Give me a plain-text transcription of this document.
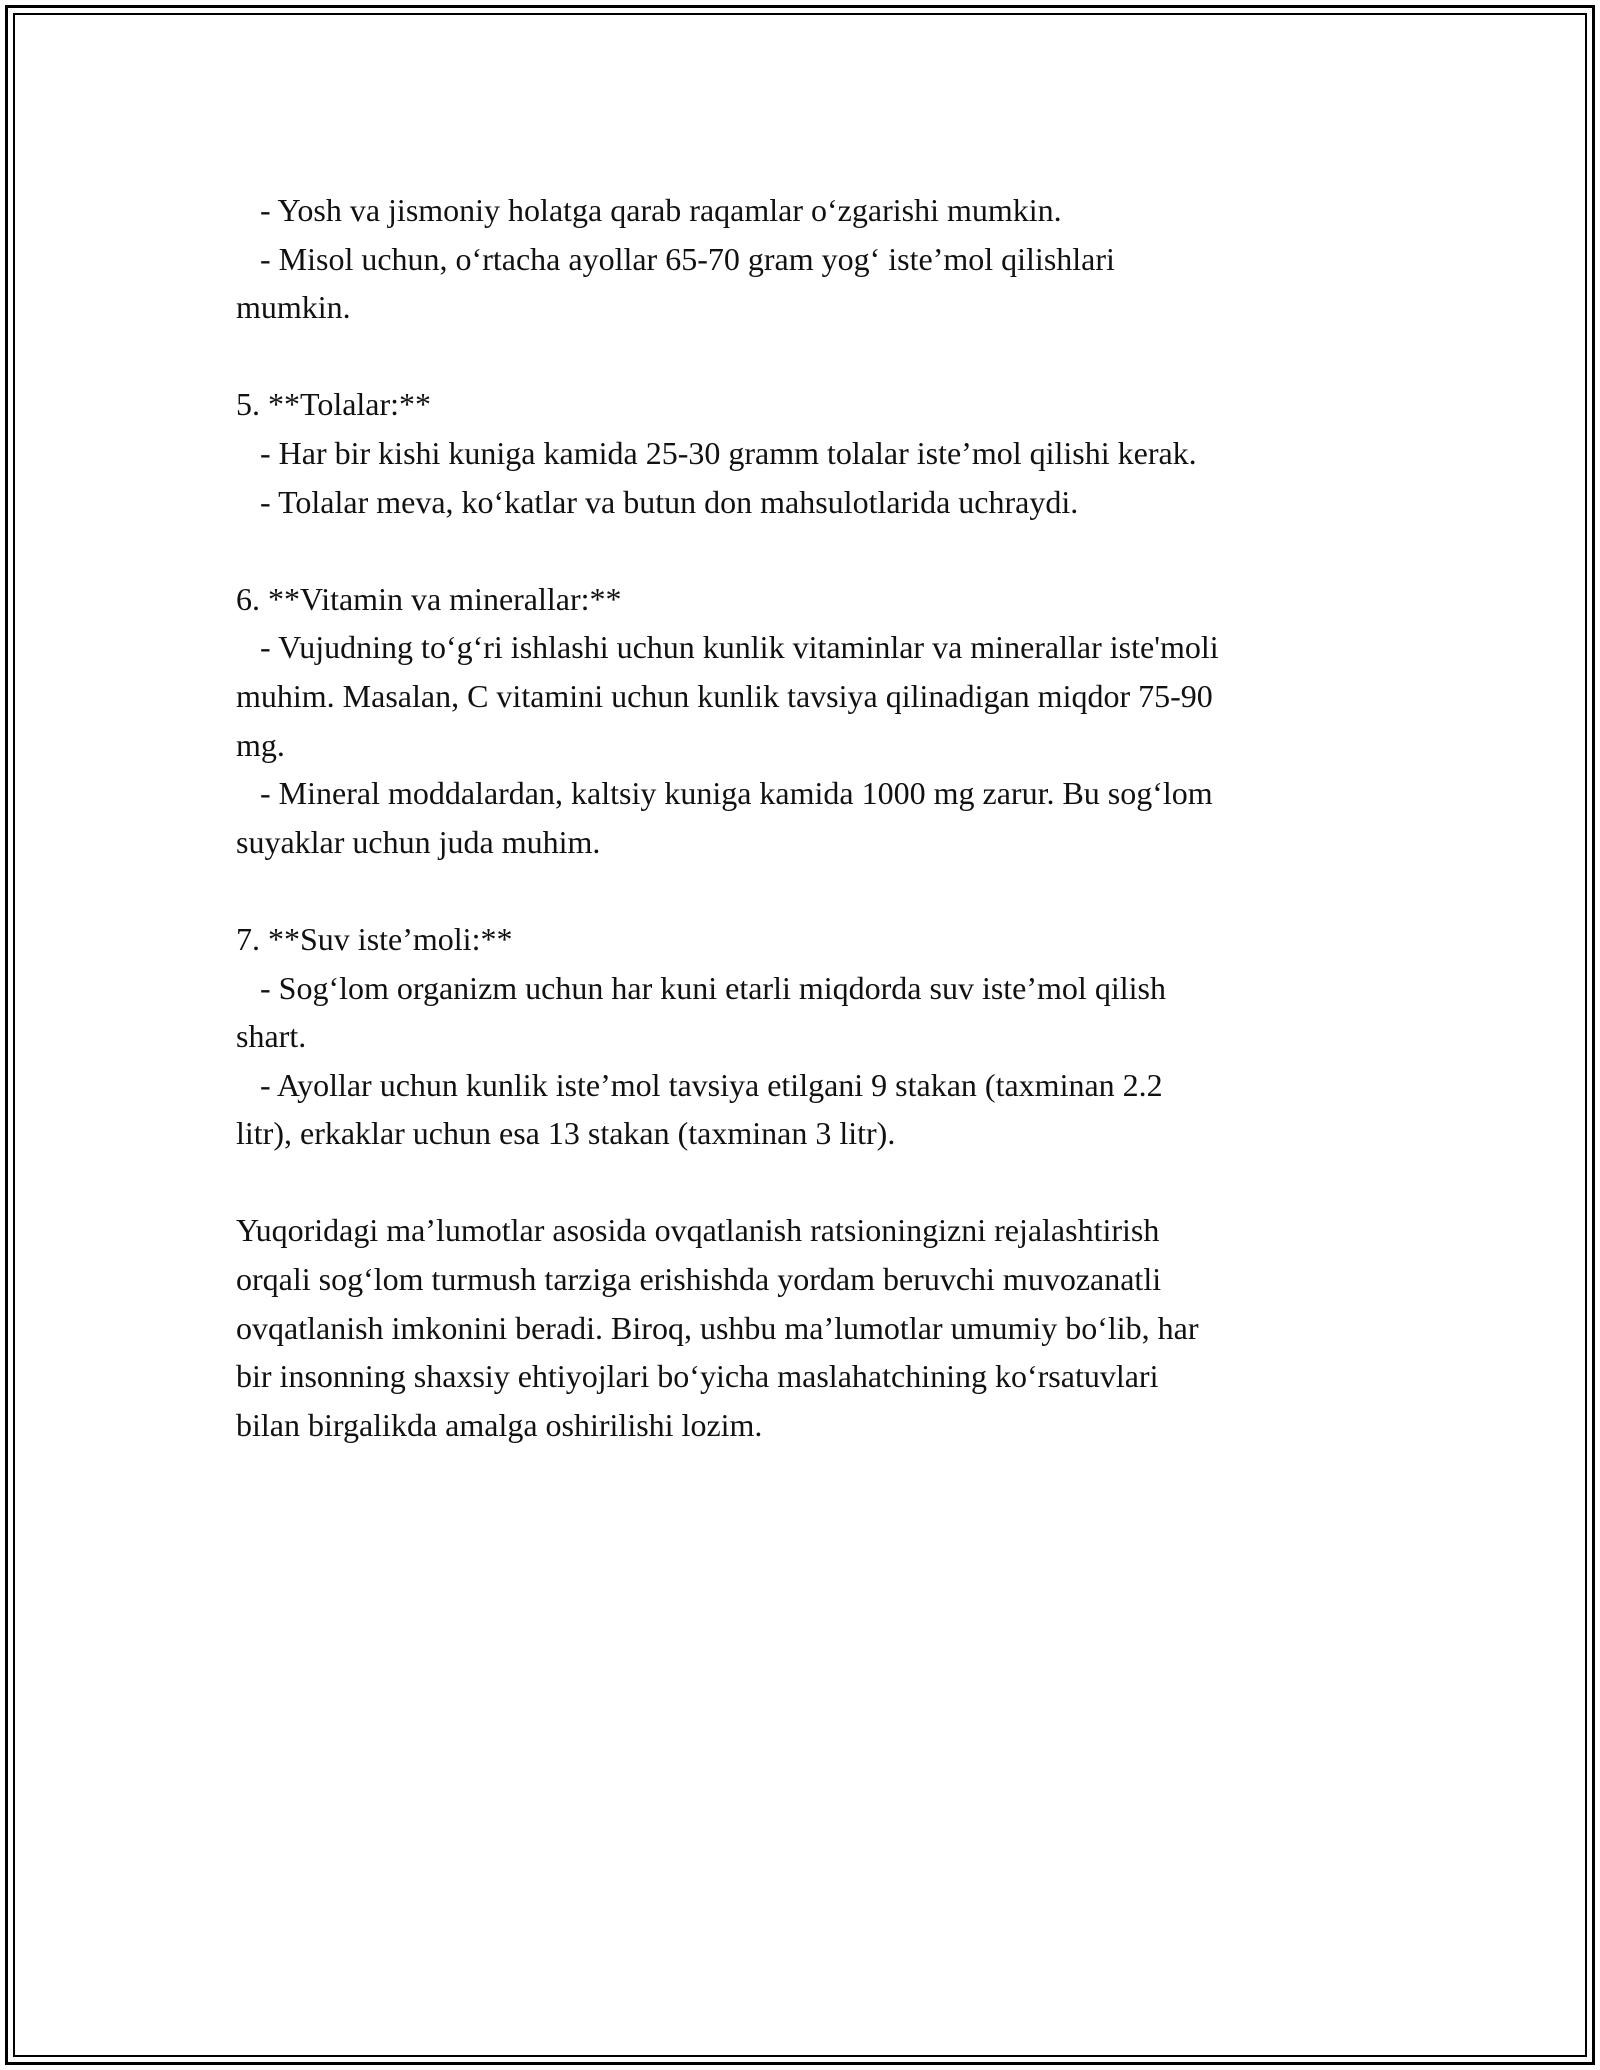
- Yosh va jismoniy holatga qarab raqamlar o‘zgarishi mumkin.
- Misol uchun, o‘rtacha ayollar 65-70 gram yog‘ iste’mol qilishlari
mumkin.
5. **Tolalar:**
- Har bir kishi kuniga kamida 25-30 gramm tolalar iste’mol qilishi kerak.
- Tolalar meva, ko‘katlar va butun don mahsulotlarida uchraydi.
6. **Vitamin va minerallar:**
- Vujudning to‘g‘ri ishlashi uchun kunlik vitaminlar va minerallar iste'moli
muhim. Masalan, C vitamini uchun kunlik tavsiya qilinadigan miqdor 75-90
mg.
- Mineral moddalardan, kaltsiy kuniga kamida 1000 mg zarur. Bu sog‘lom
suyaklar uchun juda muhim.
7. **Suv iste’moli:**
- Sog‘lom organizm uchun har kuni etarli miqdorda suv iste’mol qilish
shart.
- Ayollar uchun kunlik iste’mol tavsiya etilgani 9 stakan (taxminan 2.2
litr), erkaklar uchun esa 13 stakan (taxminan 3 litr).
Yuqoridagi ma’lumotlar asosida ovqatlanish ratsioningizni rejalashtirish
orqali sog‘lom turmush tarziga erishishda yordam beruvchi muvozanatli
ovqatlanish imkonini beradi. Biroq, ushbu ma’lumotlar umumiy bo‘lib, har
bir insonning shaxsiy ehtiyojlari bo‘yicha maslahatchining ko‘rsatuvlari
bilan birgalikda amalga oshirilishi lozim.
